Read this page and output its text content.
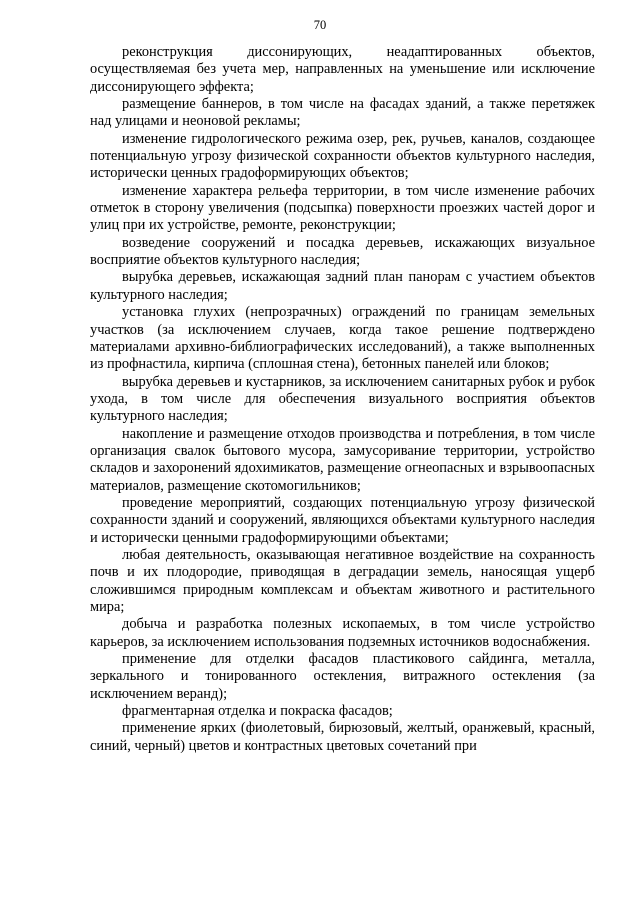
70

реконструкция диссонирующих, неадаптированных объектов, осуществляемая без учета мер, направленных на уменьшение или исключение диссонирующего эффекта;

размещение баннеров, в том числе на фасадах зданий, а также перетяжек над улицами и неоновой рекламы;

изменение гидрологического режима озер, рек, ручьев, каналов, создающее потенциальную угрозу физической сохранности объектов культурного наследия, исторически ценных градоформирующих объектов;

изменение характера рельефа территории, в том числе изменение рабочих отметок в сторону увеличения (подсыпка) поверхности проезжих частей дорог и улиц при их устройстве, ремонте, реконструкции;

возведение сооружений и посадка деревьев, искажающих визуальное восприятие объектов культурного наследия;

вырубка деревьев, искажающая задний план панорам с участием объектов культурного наследия;

установка глухих (непрозрачных) ограждений по границам земельных участков (за исключением случаев, когда такое решение подтверждено материалами архивно-библиографических исследований), а также выполненных из профнастила, кирпича (сплошная стена), бетонных панелей или блоков;

вырубка деревьев и кустарников, за исключением санитарных рубок и рубок ухода, в том числе для обеспечения визуального восприятия объектов культурного наследия;

накопление и размещение отходов производства и потребления, в том числе организация свалок бытового мусора, замусоривание территории, устройство складов и захоронений ядохимикатов, размещение огнеопасных и взрывоопасных материалов, размещение скотомогильников;

проведение мероприятий, создающих потенциальную угрозу физической сохранности зданий и сооружений, являющихся объектами культурного наследия и исторически ценными градоформирующими объектами;

любая деятельность, оказывающая негативное воздействие на сохранность почв и их плодородие, приводящая в деградации земель, наносящая ущерб сложившимся природным комплексам и объектам животного и растительного мира;

добыча и разработка полезных ископаемых, в том числе устройство карьеров, за исключением использования подземных источников водоснабжения.

применение для отделки фасадов пластикового сайдинга, металла, зеркального и тонированного остекления, витражного остекления (за исключением веранд);

фрагментарная отделка и покраска фасадов;

применение ярких (фиолетовый, бирюзовый, желтый, оранжевый, красный, синий, черный) цветов и контрастных цветовых сочетаний при
